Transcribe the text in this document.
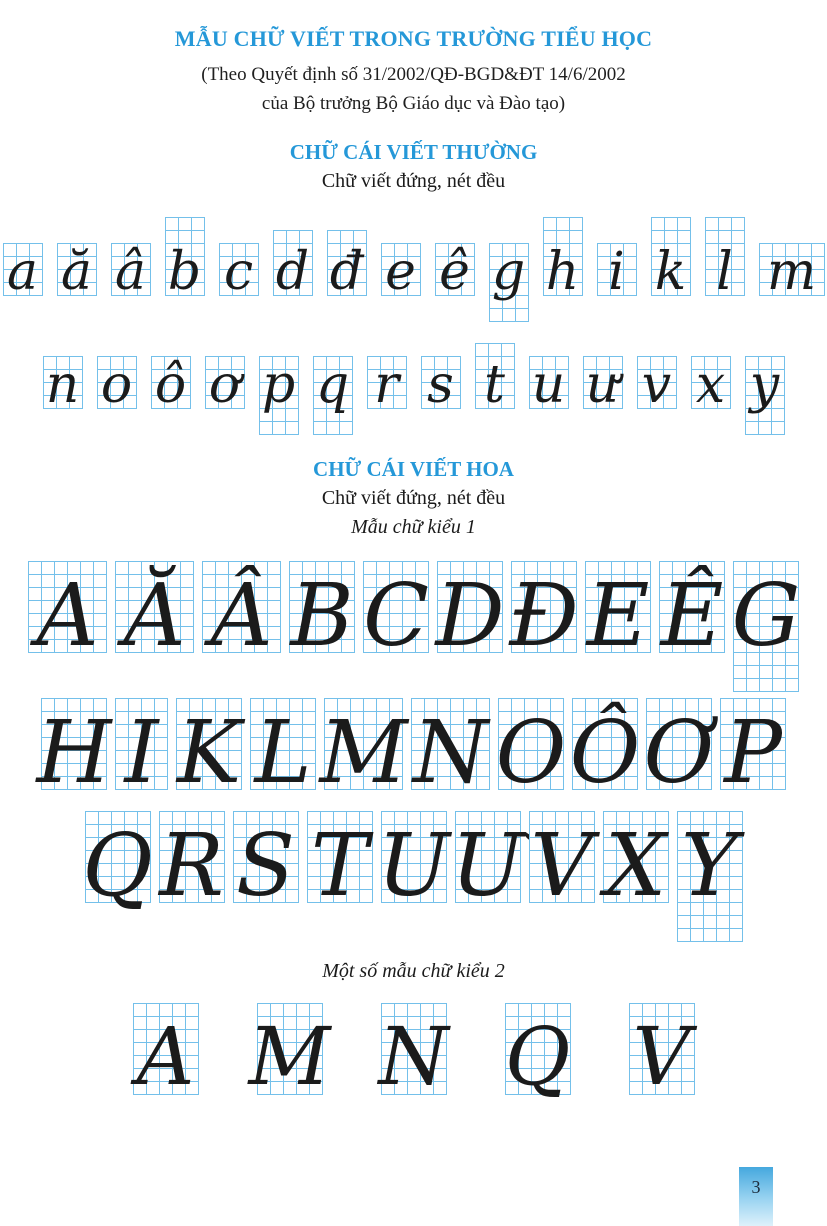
MẪU CHỮ VIẾT TRONG TRƯỜNG TIỂU HỌC
(Theo Quyết định số 31/2002/QĐ-BGD&ĐT 14/6/2002
của Bộ trưởng Bộ Giáo dục và Đào tạo)
CHỮ CÁI VIẾT THƯỜNG
Chữ viết đứng, nét đều
a ă â b c d đ e ê g h i k l m
n o ô ơ p q r s t u ư v x y
CHỮ CÁI VIẾT HOA
Chữ viết đứng, nét đều
Mẫu chữ kiểu 1
A Ă Â B C D Đ E Ê G
H I K L M N O Ô Ơ P
Q R S T U Ư V X Y
Một số mẫu chữ kiểu 2
A M N Q V
3
